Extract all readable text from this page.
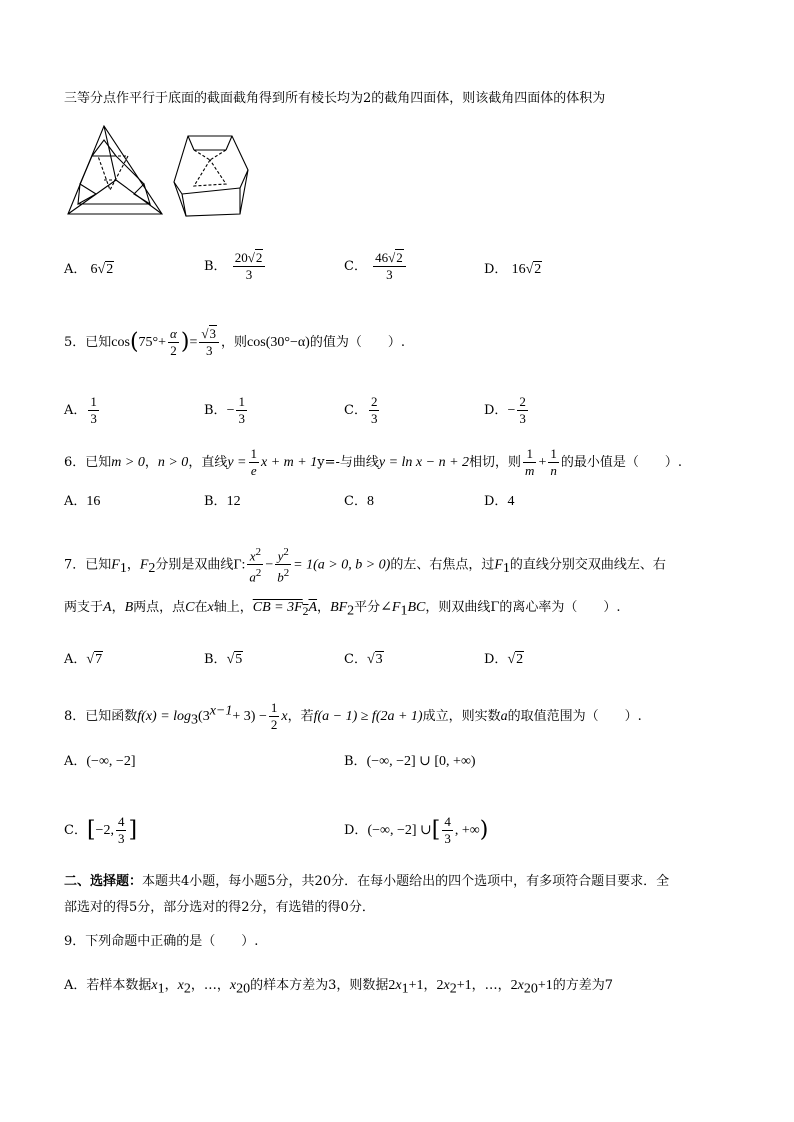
三等分点作平行于底面的截面截角得到所有棱长均为2的截角四面体，则该截角四面体的体积为
A． 6√2	B． $\frac{20√2}{3}$	C． $\frac{46√2}{3}$	D． 16√2
5．已知$\cos(75^\circ+ \frac{\alpha}{2}$ )= $\frac{√3}{3}$ ，则cos(30°−α)的值为（　　）.
A． $\frac{1}{3}$	B．− $\frac{1}{3}$	C． $\frac{2}{3}$	D．− $\frac{2}{3}$
6．已知m > 0，n > 0，直线$y = \frac{1}{e}$ x + m + 1y=-与曲线y = ln x − n + 2相切，则 $\frac{1}{m} + \frac{1}{n}$ 的最小值是（　　）.
A．16	B．12	C．8	D．4
7．已知$F_1$，$F_2$分别是双曲线Γ: $\frac{x^2}{a^2} - \frac{y^2}{b^2} = 1(a > 0$, b > 0)的左、右焦点，过$F_1$的直线分别交双曲线左、右
两支于A，B两点，点C在x轴上，CB = $3F_2A$，$BF_2$平分$\angle F_1BC$，则双曲线Γ的离心率为（　　）.
A．√7	B．√5	C．√3	D．√2
8．已知函数$f(x) = \log_3(3^{x-1}+ 3) - \frac{1}{2}$ x，若f(a − 1) ≥ f(2a + 1)成立，则实数a的取值范围为（　　）.
A．(−∞, −2]	B．(−∞, −2] ∪ [0, +∞)
C．[−2, $\frac{4}{3}$ ]	D．(−∞, −2] ∪[ $\frac{4}{3}$ , +∞)
二、选择题：本题共4小题，每小题5分，共20分．在每小题给出的四个选项中，有多项符合题目要求．全
部选对的得5分，部分选对的得2分，有选错的得0分．
9．下列命题中正确的是（　　）.
A．若样本数据$x_1$，$x_2$，…，$x_{20}$的样本方差为3，则数据$2x_1+1$，$2x_2+1$，…，$2x_{20}+1$的方差为7
